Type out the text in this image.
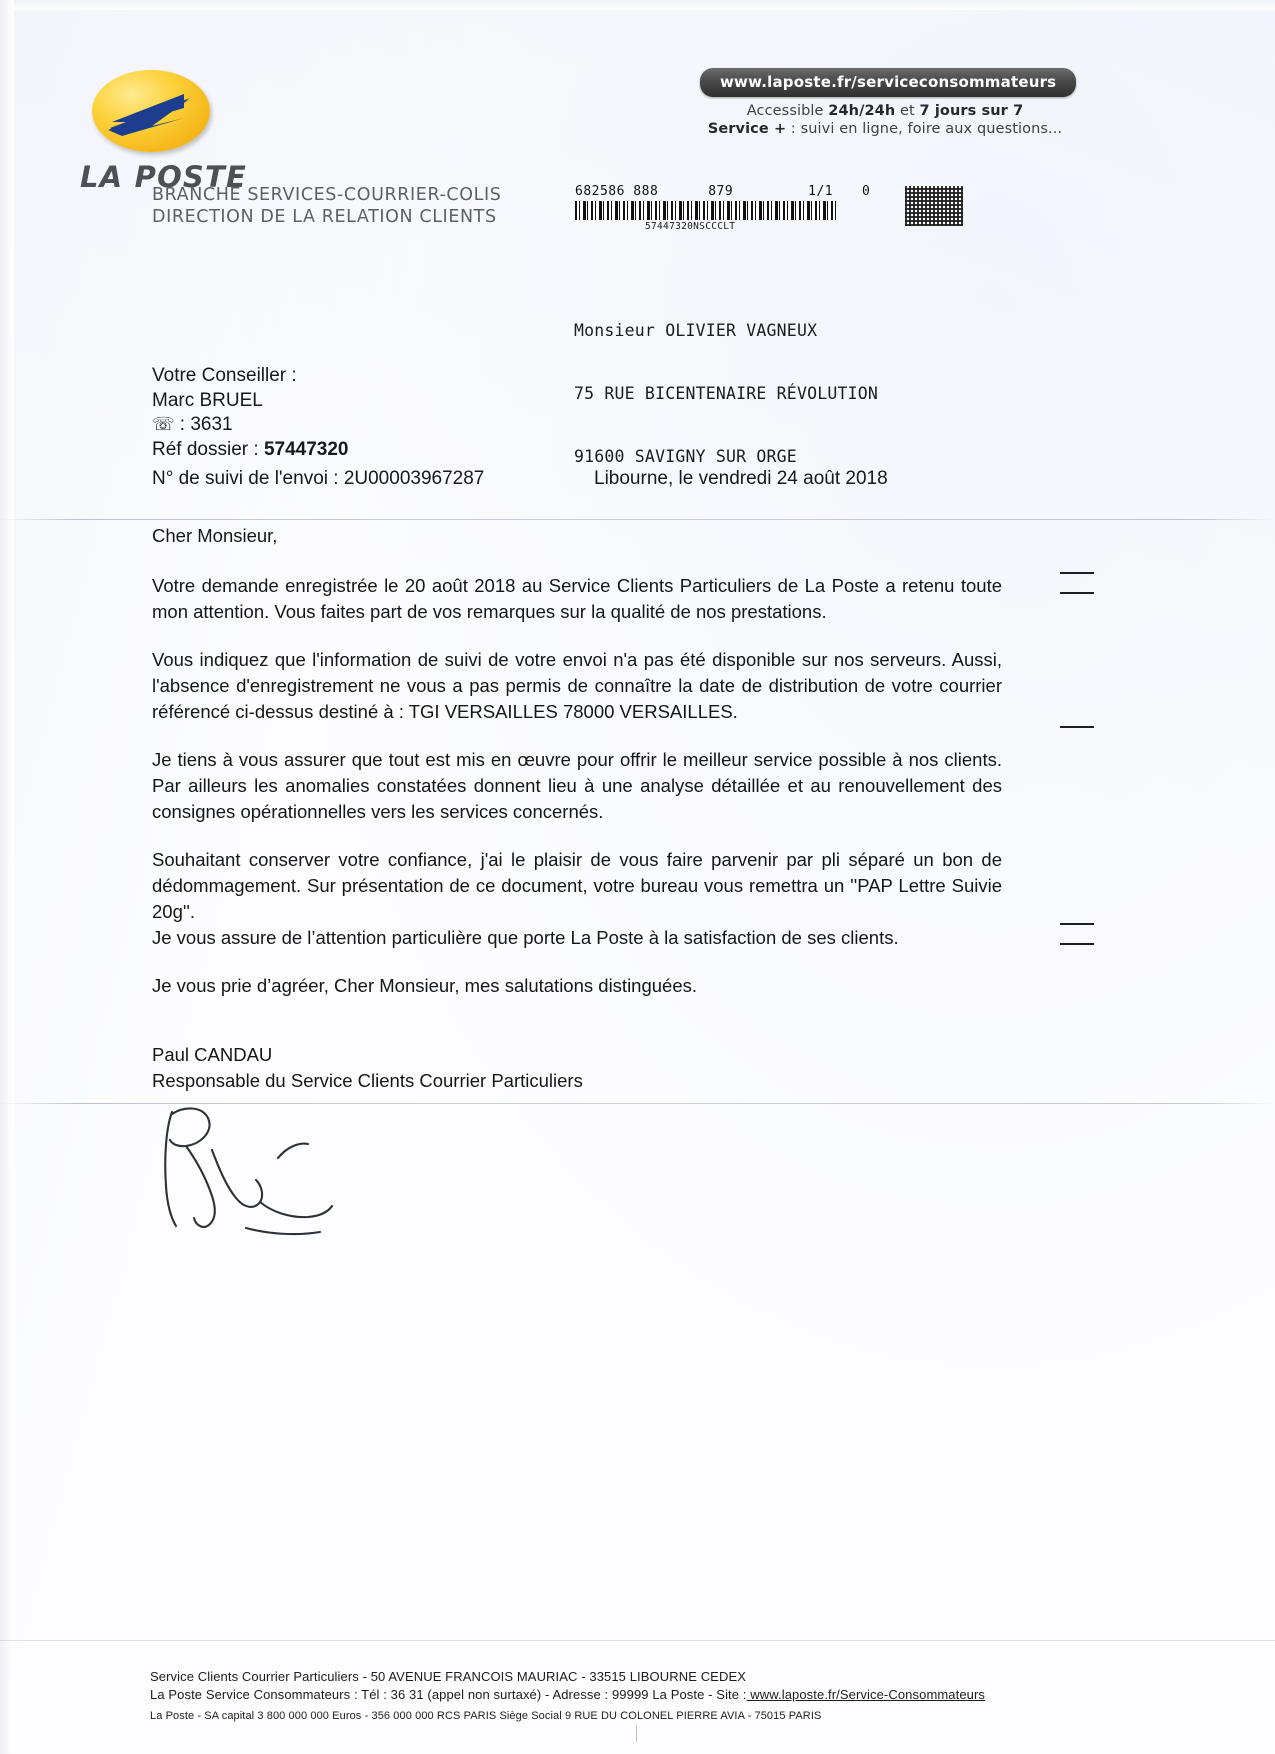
LA POSTE
BRANCHE SERVICES-COURRIER-COLIS
DIRECTION DE LA RELATION CLIENTS
www.laposte.fr/serviceconsommateurs
Accessible 24h/24h et 7 jours sur 7
Service + : suivi en ligne, foire aux questions...
682586 888      879         1/1
57447320NSCCCLT
0

Monsieur OLIVIER VAGNEUX

75 RUE BICENTENAIRE RÉVOLUTION

91600 SAVIGNY SUR ORGE

Votre Conseiller :
Marc BRUEL
☏ : 3631
Réf dossier : 57447320
N° de suivi de l'envoi : 2U00003967287	Libourne, le vendredi 24 août 2018

Cher Monsieur,

Votre demande enregistrée le 20 août 2018 au Service Clients Particuliers de La Poste a retenu toute mon attention. Vous faites part de vos remarques sur la qualité de nos prestations.

Vous indiquez que l'information de suivi de votre envoi n'a pas été disponible sur nos serveurs. Aussi, l'absence d'enregistrement ne vous a pas permis de connaître la date de distribution de votre courrier référencé ci-dessus destiné à : TGI VERSAILLES 78000 VERSAILLES.

Je tiens à vous assurer que tout est mis en œuvre pour offrir le meilleur service possible à nos clients. Par ailleurs les anomalies constatées donnent lieu à une analyse détaillée et au renouvellement des consignes opérationnelles vers les services concernés.

Souhaitant conserver votre confiance, j'ai le plaisir de vous faire parvenir par pli séparé un bon de dédommagement. Sur présentation de ce document, votre bureau vous remettra un ''PAP Lettre Suivie 20g''.

Je vous assure de l’attention particulière que porte La Poste à la satisfaction de ses clients.

Je vous prie d’agréer, Cher Monsieur, mes salutations distinguées.

Paul CANDAU
Responsable du Service Clients Courrier Particuliers
Service Clients Courrier Particuliers - 50 AVENUE FRANCOIS MAURIAC - 33515 LIBOURNE CEDEX
La Poste Service Consommateurs : Tél : 36 31 (appel non surtaxé) - Adresse : 99999 La Poste - Site : www.laposte.fr/Service-Consommateurs
La Poste - SA capital 3 800 000 000 Euros - 356 000 000 RCS PARIS Siège Social 9 RUE DU COLONEL PIERRE AVIA - 75015 PARIS
